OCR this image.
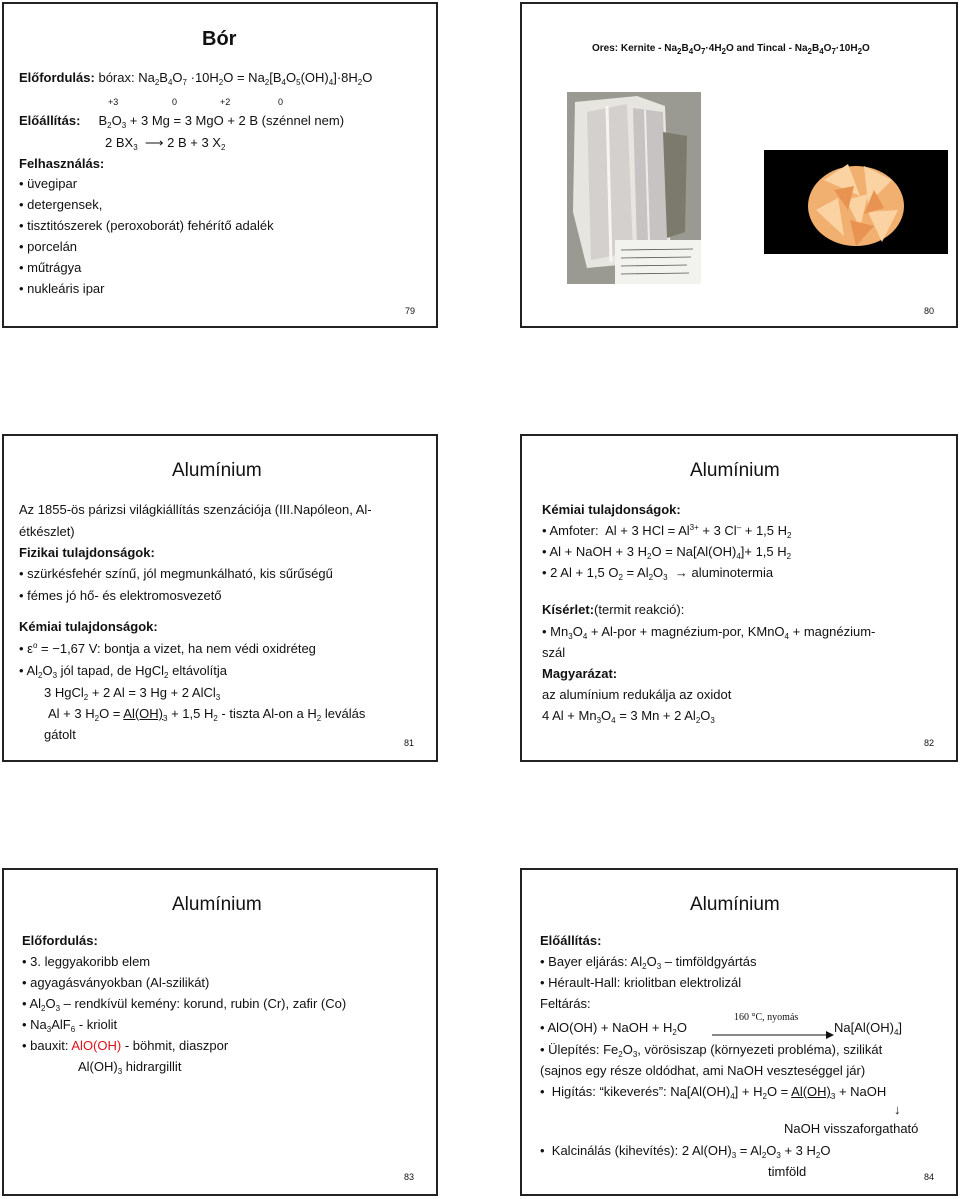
Bór
Előfordulás: bórax: $Na_2B_4O_7 \cdot 10H_2O = Na_2[B_4O_5(OH)_4]\cdot 8H_2O$
+3	0	+2	0
Előállítás:     $B_2O_3 + 3$ Mg = 3 MgO + 2 B (szénnel nem)
2 $BX_3$ ⟶ 2 B + 3 $X_2$
Felhasználás:
• üvegipar
• detergensek,
• tisztitószerek (peroxoborát) fehérítő adalék
• porcelán
• műtrágya
• nukleáris ipar
79
Ores: Kernite - $Na_2B_4O_7\cdot 4H_2O$ and Tincal - $Na_2B_4O_7\cdot 10H_2O$
80
Alumínium
Az 1855-ös párizsi világkiállítás szenzációja (III.Napóleon, Al-
étkészlet)
Fizikai tulajdonságok:
• szürkésfehér színű, jól megmunkálható, kis sűrűségű
• fémes jó hő- és elektromosvezető
Kémiai tulajdonságok:
• $\varepsilon^o = -1,67$ V: bontja a vizet, ha nem védi oxidréteg
• $Al_2O_3$ jól tapad, de HgCl$_2$ eltávolítja
3 HgCl$_2$ + 2 Al = 3 Hg + 2 AlCl$_3$
Al + 3 $H_2O = Al(OH)_3 + 1,5$ $H_2$ - tiszta Al-on a $H_2$ leválás
gátolt
81
Alumínium
Kémiai tulajdonságok:
• Amfoter:  Al + 3 HCl = $Al^{3+} + 3$ Cl– + 1,5 $H_2$
• Al + NaOH + 3 $H_2O = Na[Al(OH)_4]+ 1,5$ $H_2$
• 2 Al + 1,5 $O_2 = Al_2O_3$ → aluminotermia
Kísérlet:(termit reakció):
• $Mn_3O_4 + Al-por$ + magnézium-por, KMnO$_4$ + magnézium-
szál
Magyarázat:
az alumínium redukálja az oxidot
4 $Al + Mn_3O_4 = 3$ Mn + 2 $Al_2O_3$
82
Alumínium
Előfordulás:
• 3. leggyakoribb elem
• agyagásványokban (Al-szilikát)
• $Al_2O_3$ – rendkívül kemény: korund, rubin (Cr), zafir (Co)
• $Na_3AlF_6$ - kriolit
• bauxit: AlO(OH) - böhmit, diaszpor
$Al(OH)_3$ hidrargillit
83
Alumínium
Előállítás:
• Bayer eljárás: $Al_2O_3$ – timföldgyártás
• Hérault-Hall: kriolitban elektrolizál
Feltárás:
160 °C, nyomás
• AlO(OH) + NaOH + $H_2O$	$Na[Al(OH)_4]$
• Ülepítés: $Fe_2O_3$, vörösiszap (környezeti probléma), szilikát
(sajnos egy része oldódhat, ami NaOH veszteséggel jár)
•  Higítás: “kikeverés”: $Na[Al(OH)_4] + H_2O = Al(OH)_3$ + NaOH
↓
NaOH visszaforgatható
•  Kalcinálás (kihevítés): 2 $Al(OH)_3 = Al_2O_3 + 3$ $H_2O$
timföld	84
